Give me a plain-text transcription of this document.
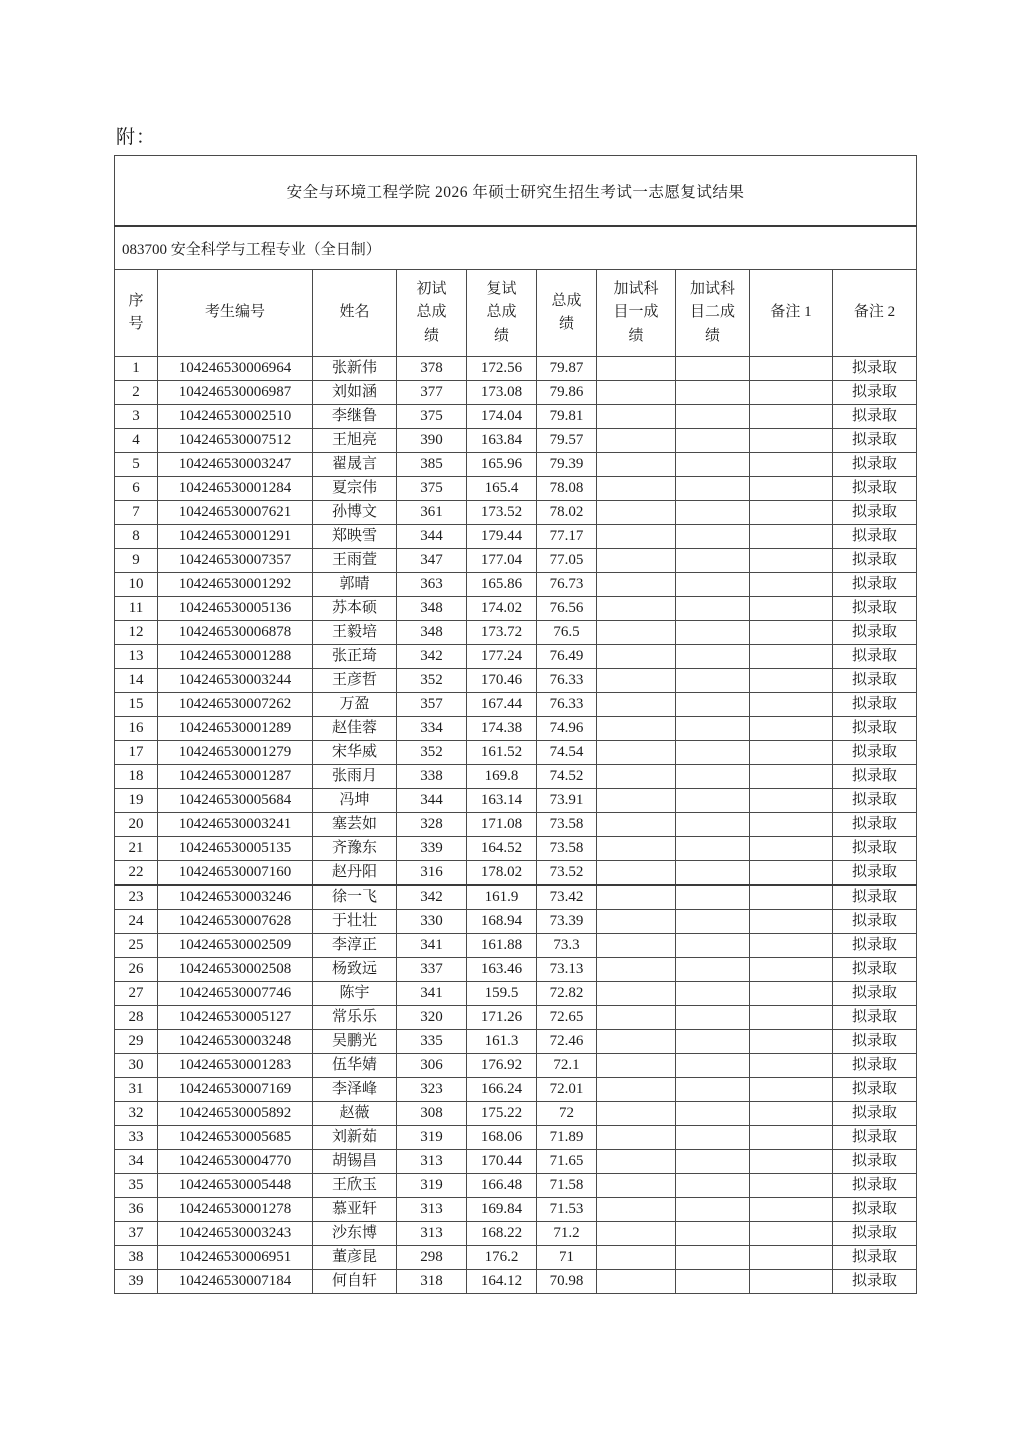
附：
安全与环境工程学院 2026 年硕士研究生招生考试一志愿复试结果									
083700 安全科学与工程专业（全日制）									
序号	考生编号	姓名	初试总成绩	复试总成绩	总成绩	加试科目一成绩	加试科目二成绩	备注 1	备注 2
1	104246530006964	张新伟	378	172.56	79.87				拟录取
2	104246530006987	刘如涵	377	173.08	79.86				拟录取
3	104246530002510	李继鲁	375	174.04	79.81				拟录取
4	104246530007512	王旭亮	390	163.84	79.57				拟录取
5	104246530003247	翟晟言	385	165.96	79.39				拟录取
6	104246530001284	夏宗伟	375	165.4	78.08				拟录取
7	104246530007621	孙博文	361	173.52	78.02				拟录取
8	104246530001291	郑映雪	344	179.44	77.17				拟录取
9	104246530007357	王雨萱	347	177.04	77.05				拟录取
10	104246530001292	郭晴	363	165.86	76.73				拟录取
11	104246530005136	苏本硕	348	174.02	76.56				拟录取
12	104246530006878	王毅培	348	173.72	76.5				拟录取
13	104246530001288	张正琦	342	177.24	76.49				拟录取
14	104246530003244	王彦哲	352	170.46	76.33				拟录取
15	104246530007262	万盈	357	167.44	76.33				拟录取
16	104246530001289	赵佳蓉	334	174.38	74.96				拟录取
17	104246530001279	宋华威	352	161.52	74.54				拟录取
18	104246530001287	张雨月	338	169.8	74.52				拟录取
19	104246530005684	冯坤	344	163.14	73.91				拟录取
20	104246530003241	塞芸如	328	171.08	73.58				拟录取
21	104246530005135	齐豫东	339	164.52	73.58				拟录取
22	104246530007160	赵丹阳	316	178.02	73.52				拟录取
23	104246530003246	徐一飞	342	161.9	73.42				拟录取
24	104246530007628	于壮壮	330	168.94	73.39				拟录取
25	104246530002509	李淳正	341	161.88	73.3				拟录取
26	104246530002508	杨致远	337	163.46	73.13				拟录取
27	104246530007746	陈宇	341	159.5	72.82				拟录取
28	104246530005127	常乐乐	320	171.26	72.65				拟录取
29	104246530003248	吴鹏光	335	161.3	72.46				拟录取
30	104246530001283	伍华婧	306	176.92	72.1				拟录取
31	104246530007169	李泽峰	323	166.24	72.01				拟录取
32	104246530005892	赵薇	308	175.22	72				拟录取
33	104246530005685	刘新茹	319	168.06	71.89				拟录取
34	104246530004770	胡锡昌	313	170.44	71.65				拟录取
35	104246530005448	王欣玉	319	166.48	71.58				拟录取
36	104246530001278	慕亚轩	313	169.84	71.53				拟录取
37	104246530003243	沙东博	313	168.22	71.2				拟录取
38	104246530006951	董彦昆	298	176.2	71				拟录取
39	104246530007184	何自轩	318	164.12	70.98				拟录取
